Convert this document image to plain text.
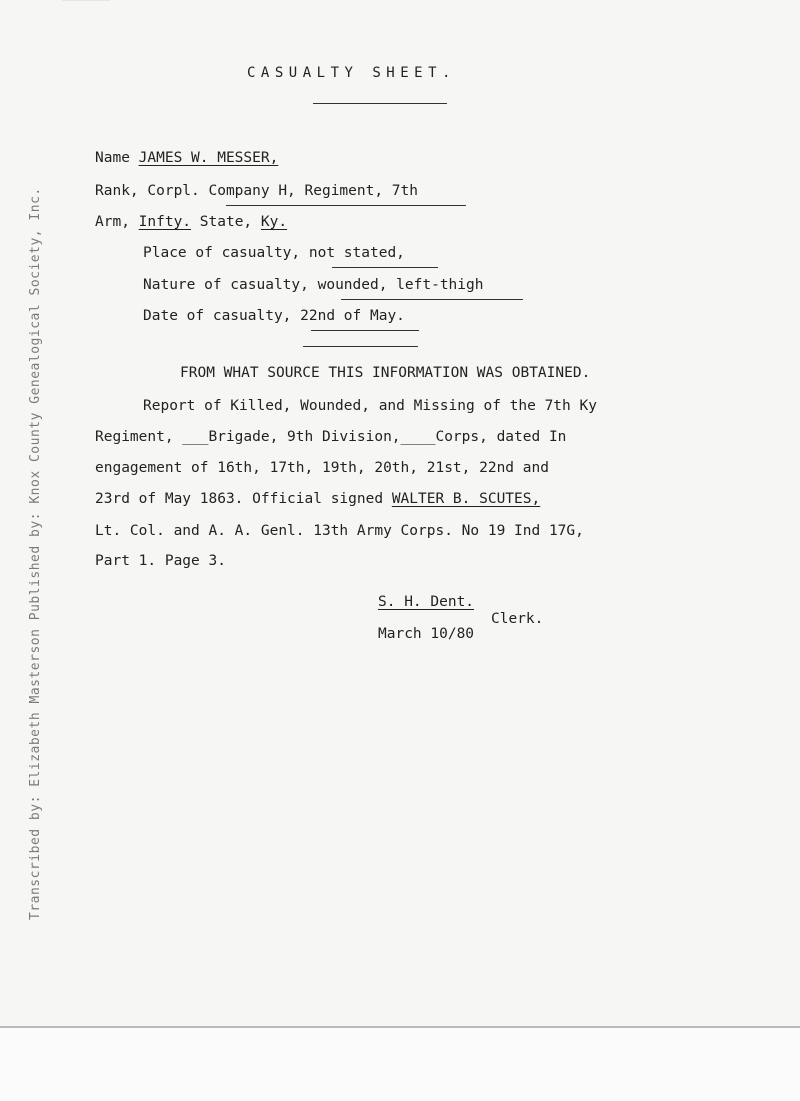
Transcribed by: Elizabeth Masterson Published by: Knox County Genealogical Society, Inc.
CASUALTY SHEET.
Name JAMES W. MESSER,
Rank, Corpl. Company H, Regiment, 7th
Arm, Infty. State, Ky.
Place of casualty, not stated,
Nature of casualty, wounded, left-thigh
Date of casualty, 22nd of May.
FROM WHAT SOURCE THIS INFORMATION WAS OBTAINED.
Report of Killed, Wounded, and Missing of the 7th Ky
Regiment, ___Brigade, 9th Division,____Corps, dated In
engagement of 16th, 17th, 19th, 20th, 21st, 22nd and
23rd of May 1863. Official signed WALTER B. SCUTES,
Lt. Col. and A. A. Genl. 13th Army Corps. No 19 Ind 17G,
Part 1. Page 3.
S. H. Dent.
Clerk.
March 10/80
